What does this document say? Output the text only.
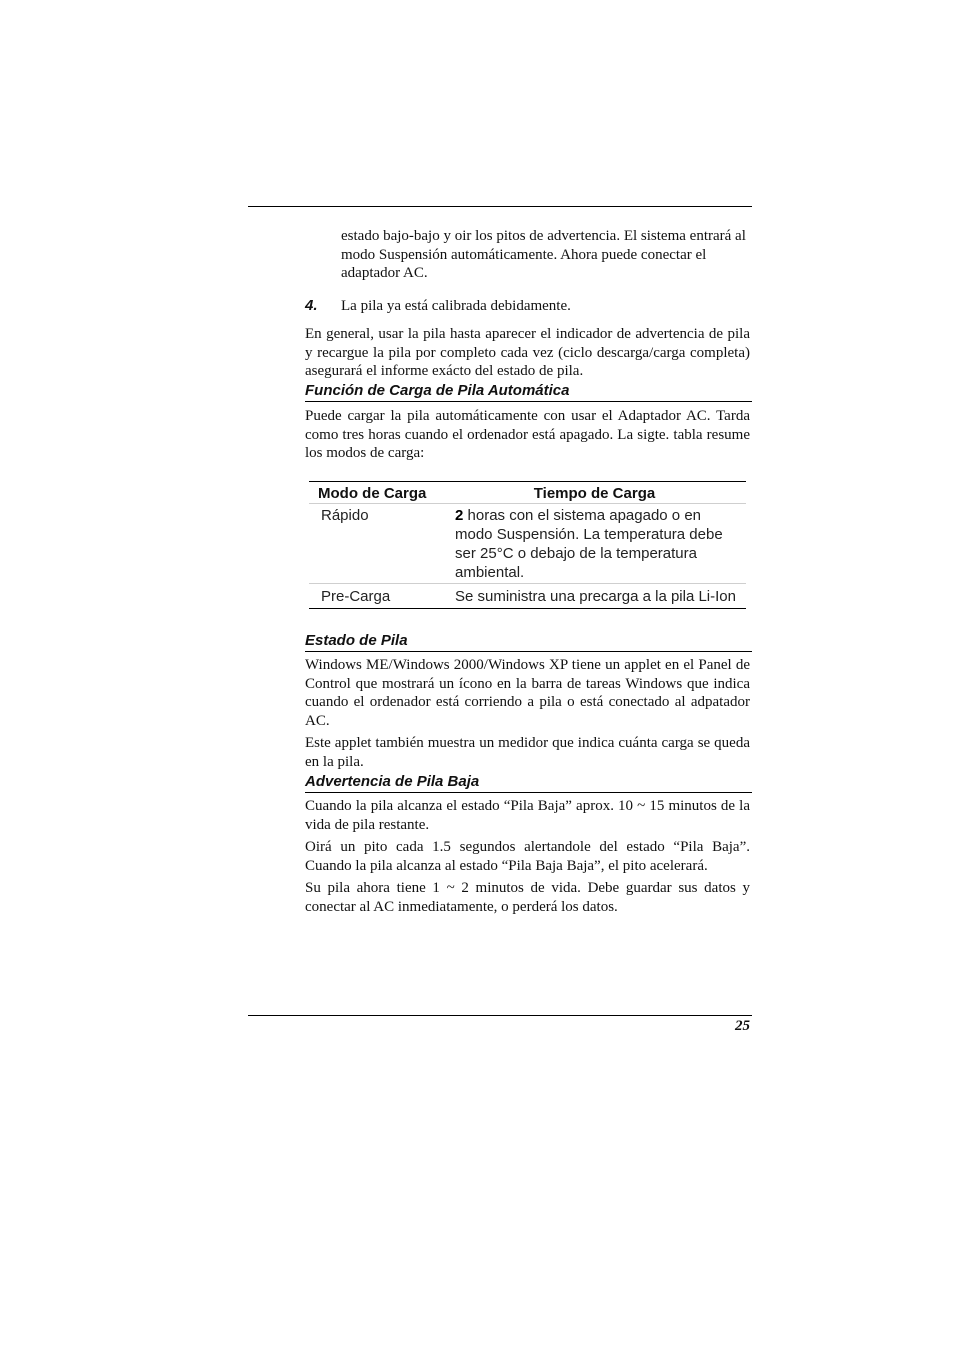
estado bajo-bajo y oir los pitos de advertencia. El sistema entrará al modo Suspensión automáticamente. Ahora puede conectar el adaptador AC.

4. La pila ya está calibrada debidamente.

En general, usar la pila hasta aparecer el indicador de advertencia de pila y recargue la pila por completo cada vez (ciclo descarga/carga completa) asegurará el informe exácto del estado de pila.

Función de Carga de Pila Automática

Puede cargar la pila automáticamente con usar el Adaptador AC. Tarda como tres horas cuando el ordenador está apagado. La sigte. tabla resume los modos de carga:

Modo de Carga	Tiempo de Carga
Rápido	2 horas con el sistema apagado o en modo Suspensión. La temperatura debe ser 25°C o debajo de la temperatura ambiental.
Pre-Carga	Se suministra una precarga a la pila Li-Ion
Estado de Pila

Windows ME/Windows 2000/Windows XP tiene un applet en el Panel de Control que mostrará un ícono en la barra de tareas Windows que indica cuando el ordenador está corriendo a pila o está conectado al adpatador AC.

Este applet también muestra un medidor que indica cuánta carga se queda en la pila.

Advertencia de Pila Baja

Cuando la pila alcanza el estado “Pila Baja” aprox. 10 ~ 15 minutos de la vida de pila restante.

Oirá un pito cada 1.5 segundos alertandole del estado “Pila Baja”. Cuando la pila alcanza al estado “Pila Baja Baja”, el pito acelerará.

Su pila ahora tiene 1 ~ 2 minutos de vida. Debe guardar sus datos y conectar al AC inmediatamente, o perderá los datos.

25
